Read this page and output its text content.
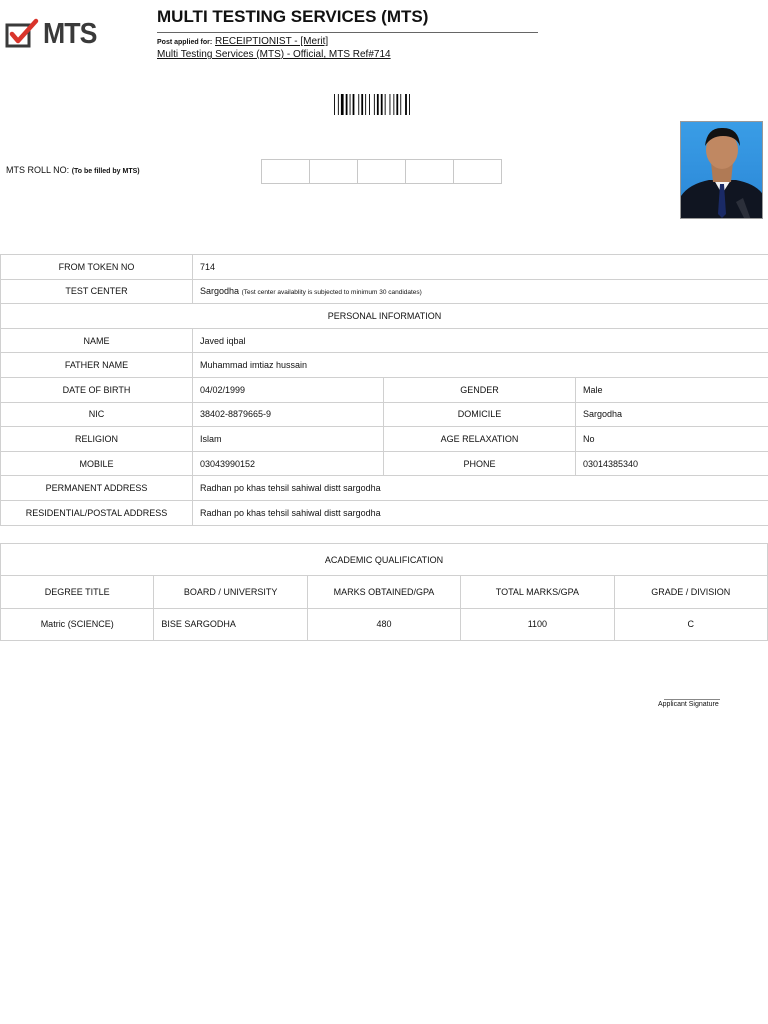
MTS
MULTI TESTING SERVICES (MTS)
Post applied for: RECEIPTIONIST - [Merit]
Multi Testing Services (MTS) - Official, MTS Ref#714
MTS ROLL NO: (To be filled by MTS)
FROM TOKEN NO	714		
TEST CENTER	Sargodha (Test center availablity is subjected to minimum 30 candidates)		
PERSONAL INFORMATION			
NAME	Javed iqbal		
FATHER NAME	Muhammad imtiaz hussain		
DATE OF BIRTH	04/02/1999	GENDER	Male
NIC	38402-8879665-9	DOMICILE	Sargodha
RELIGION	Islam	AGE RELAXATION	No
MOBILE	03043990152	PHONE	03014385340
PERMANENT ADDRESS	Radhan po khas tehsil sahiwal distt sargodha		
RESIDENTIAL/POSTAL ADDRESS	Radhan po khas tehsil sahiwal distt sargodha		
ACADEMIC QUALIFICATION				
DEGREE TITLE	BOARD / UNIVERSITY	MARKS OBTAINED/GPA	TOTAL MARKS/GPA	GRADE / DIVISION
Matric (SCIENCE)	BISE SARGODHA	480	1100	C
Applicant Signature
